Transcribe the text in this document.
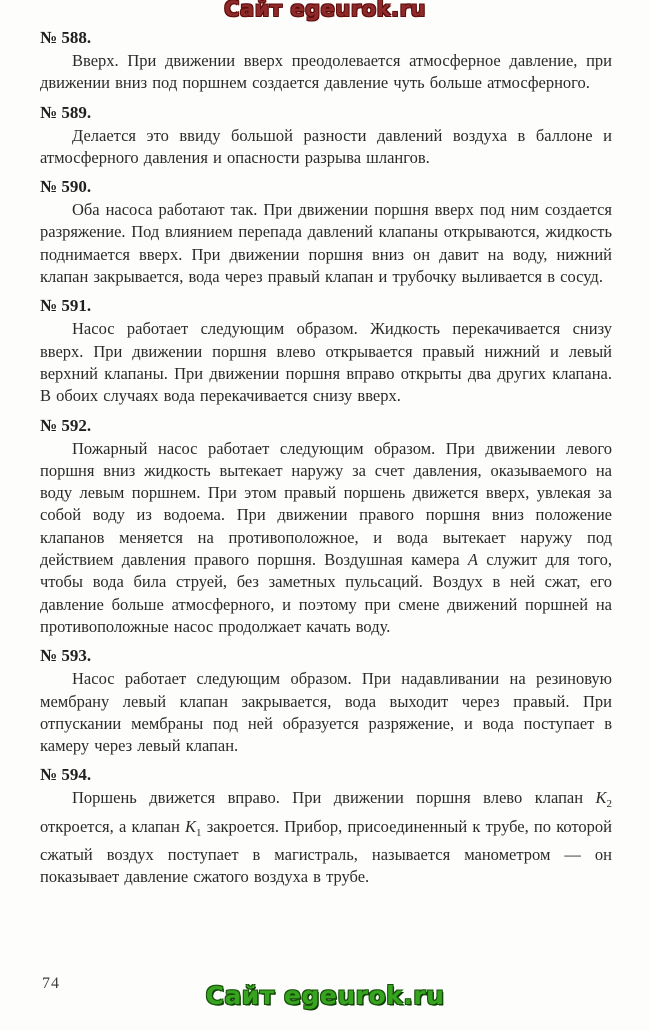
Сайт egeurok.ru
№ 588.

Вверх. При движении вверх преодолевается атмосферное давление, при движении вниз под поршнем создается давление чуть больше атмосферного.

№ 589.

Делается это ввиду большой разности давлений воздуха в баллоне и атмосферного давления и опасности разрыва шлангов.

№ 590.

Оба насоса работают так. При движении поршня вверх под ним создается разряжение. Под влиянием перепада давлений клапаны открываются, жидкость поднимается вверх. При движении поршня вниз он давит на воду, нижний клапан закрывается, вода через правый клапан и трубочку выливается в сосуд.

№ 591.

Насос работает следующим образом. Жидкость перекачивается снизу вверх. При движении поршня влево открывается правый нижний и левый верхний клапаны. При движении поршня вправо открыты два других клапана. В обоих случаях вода перекачивается снизу вверх.

№ 592.

Пожарный насос работает следующим образом. При движении левого поршня вниз жидкость вытекает наружу за счет давления, оказываемого на воду левым поршнем. При этом правый поршень движется вверх, увлекая за собой воду из водоема. При движении правого поршня вниз положение клапанов меняется на противоположное, и вода вытекает наружу под действием давления правого поршня. Воздушная камера А служит для того, чтобы вода била струей, без заметных пульсаций. Воздух в ней сжат, его давление больше атмосферного, и поэтому при смене движений поршней на противоположные насос продолжает качать воду.

№ 593.

Насос работает следующим образом. При надавливании на резиновую мембрану левый клапан закрывается, вода выходит через правый. При отпускании мембраны под ней образуется разряжение, и вода поступает в камеру через левый клапан.

№ 594.

Поршень движется вправо. При движении поршня влево клапан $К_2$ откроется, а клапан $К_1$ закроется. Прибор, присоединенный к трубе, по которой сжатый воздух поступает в магистраль, называется манометром — он показывает давление сжатого воздуха в трубе.

74	Сайт egeurok.ru
